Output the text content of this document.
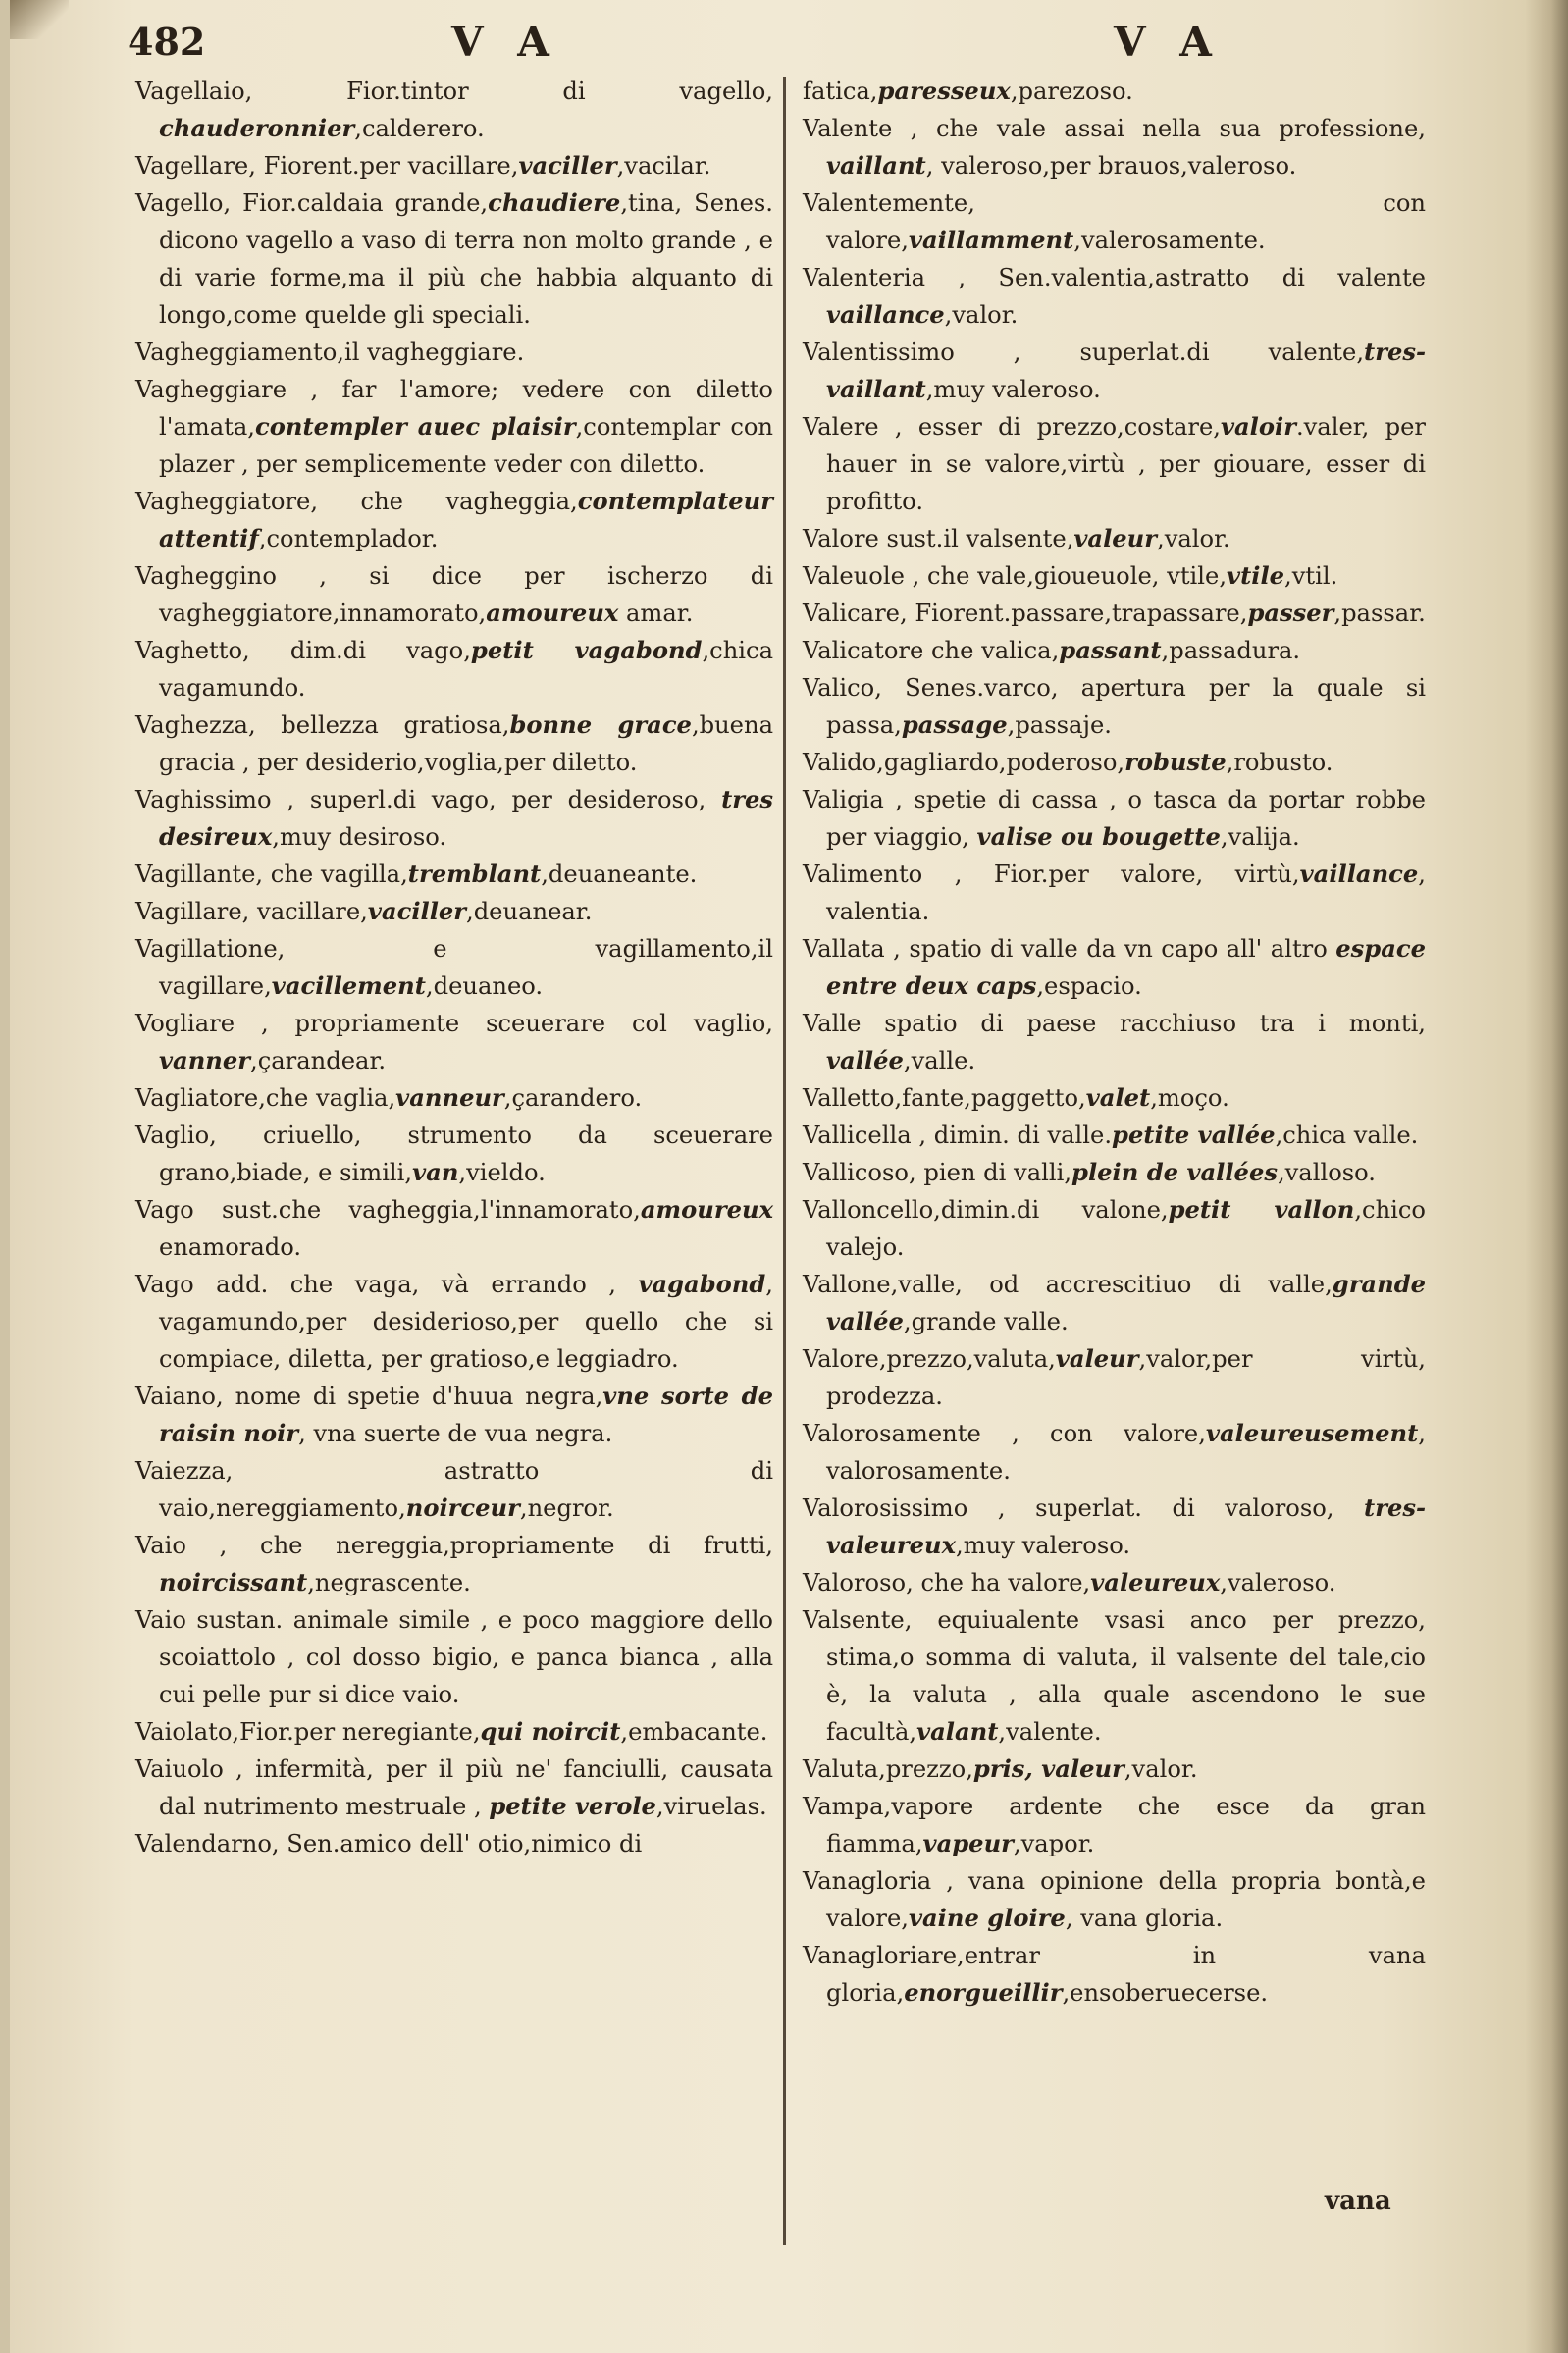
482	V A	V A

Vagellaio, Fior.tintor di vagello, chauderonnier,calderero.

Vagellare, Fiorent.per vacillare,vaciller,vacilar.

Vagello, Fior.caldaia grande,chaudiere,tina, Senes. dicono vagello a vaso di terra non molto grande , e di varie forme,ma il più che habbia alquanto di longo,come quelde gli speciali.

Vagheggiamento,il vagheggiare.

Vagheggiare , far l'amore; vedere con diletto l'amata,contempler auec plaisir,contemplar con plazer , per semplicemente veder con diletto.

Vagheggiatore, che vagheggia,contemplateur attentif,contemplador.

Vagheggino , si dice per ischerzo di vagheggiatore,innamorato,amoureux amar.

Vaghetto, dim.di vago,petit vagabond,chica vagamundo.

Vaghezza, bellezza gratiosa,bonne grace,buena gracia , per desiderio,voglia,per diletto.

Vaghissimo , superl.di vago, per desideroso, tres desireux,muy desiroso.

Vagillante, che vagilla,tremblant,deuaneante.

Vagillare, vacillare,vaciller,deuanear.

Vagillatione, e vagillamento,il vagillare,vacillement,deuaneo.

Vogliare , propriamente sceuerare col vaglio, vanner,çarandear.

Vagliatore,che vaglia,vanneur,çarandero.

Vaglio, criuello, strumento da sceuerare grano,biade, e simili,van,vieldo.

Vago sust.che vagheggia,l'innamorato,amoureux enamorado.

Vago add. che vaga, và errando , vagabond, vagamundo,per desiderioso,per quello che si compiace, diletta, per gratioso,e leggiadro.

Vaiano, nome di spetie d'huua negra,vne sorte de raisin noir, vna suerte de vua negra.

Vaiezza, astratto di vaio,nereggiamento,noirceur,negror.

Vaio , che nereggia,propriamente di frutti, noircissant,negrascente.

Vaio sustan. animale simile , e poco maggiore dello scoiattolo , col dosso bigio, e panca bianca , alla cui pelle pur si dice vaio.

Vaiolato,Fior.per neregiante,qui noircit,embacante.

Vaiuolo , infermità, per il più ne' fanciulli, causata dal nutrimento mestruale , petite verole,viruelas.

Valendarno, Sen.amico dell' otio,nimico di

fatica,paresseux,parezoso.

Valente , che vale assai nella sua professione, vaillant, valeroso,per brauos,valeroso.

Valentemente, con valore,vaillamment,valerosamente.

Valenteria , Sen.valentia,astratto di valente vaillance,valor.

Valentissimo , superlat.di valente,tres-vaillant,muy valeroso.

Valere , esser di prezzo,costare,valoir.valer, per hauer in se valore,virtù , per giouare, esser di profitto.

Valore sust.il valsente,valeur,valor.

Valeuole , che vale,gioueuole, vtile,vtile,vtil.

Valicare, Fiorent.passare,trapassare,passer,passar.

Valicatore che valica,passant,passadura.

Valico, Senes.varco, apertura per la quale si passa,passage,passaje.

Valido,gagliardo,poderoso,robuste,robusto.

Valigia , spetie di cassa , o tasca da portar robbe per viaggio, valise ou bougette,valija.

Valimento , Fior.per valore, virtù,vaillance, valentia.

Vallata , spatio di valle da vn capo all' altro espace entre deux caps,espacio.

Valle spatio di paese racchiuso tra i monti, vallée,valle.

Valletto,fante,paggetto,valet,moço.

Vallicella , dimin. di valle.petite vallée,chica valle.

Vallicoso, pien di valli,plein de vallées,valloso.

Valloncello,dimin.di valone,petit vallon,chico valejo.

Vallone,valle, od accrescitiuo di valle,grande vallée,grande valle.

Valore,prezzo,valuta,valeur,valor,per virtù, prodezza.

Valorosamente , con valore,valeureusement, valorosamente.

Valorosissimo , superlat. di valoroso, tres-valeureux,muy valeroso.

Valoroso, che ha valore,valeureux,valeroso.

Valsente, equiualente vsasi anco per prezzo, stima,o somma di valuta, il valsente del tale,cio è, la valuta , alla quale ascendono le sue facultà,valant,valente.

Valuta,prezzo,pris, valeur,valor.

Vampa,vapore ardente che esce da gran fiamma,vapeur,vapor.

Vanagloria , vana opinione della propria bontà,e valore,vaine gloire, vana gloria.

Vanagloriare,entrar in vana gloria,enorgueillir,ensoberuecerse.

vana
